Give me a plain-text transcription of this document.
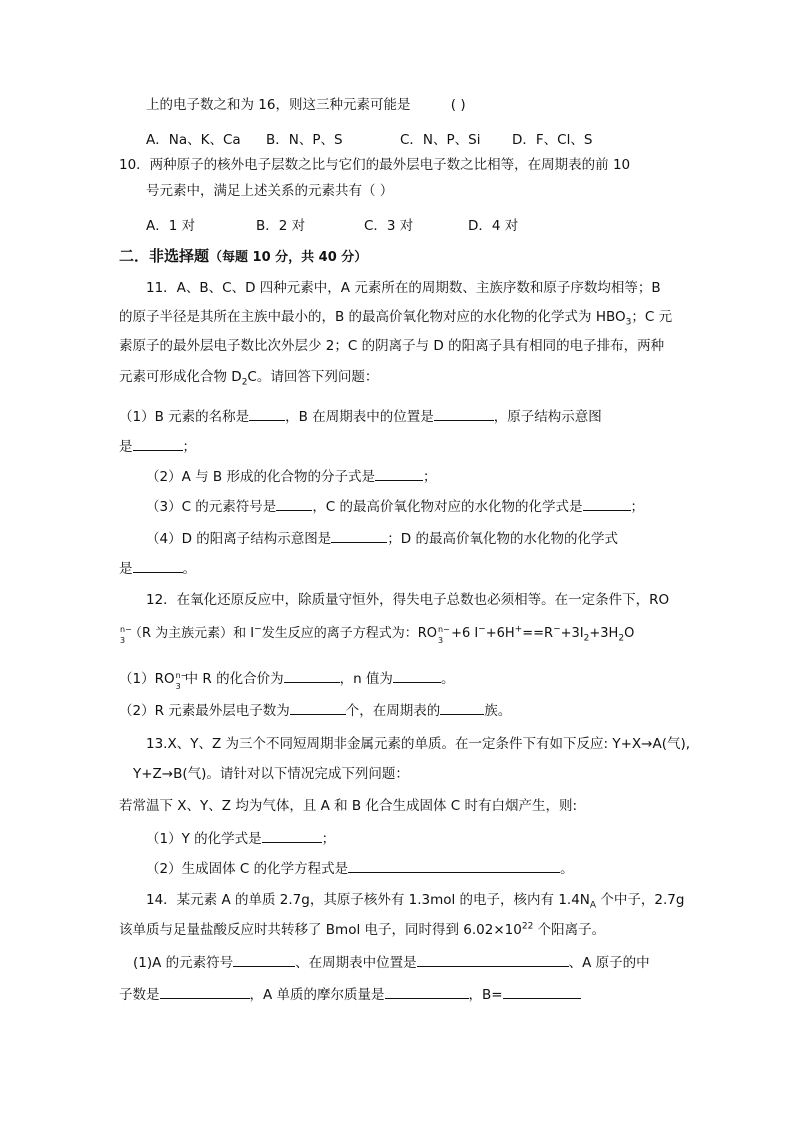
上的电子数之和为 16，则这三种元素可能是	( )
A．Na、K、Ca B．N、P、S	C．N、P、Si D．F、Cl、S
10．两种原子的核外电子层数之比与它们的最外层电子数之比相等，在周期表的前 10
号元素中，满足上述关系的元素共有（ ）
A．1 对	B．2 对	C．3 对	D．4 对
二．非选择题（每题 10 分，共 40 分）
11．A、B、C、D 四种元素中，A 元素所在的周期数、主族序数和原子序数均相等；B
的原子半径是其所在主族中最小的，B 的最高价氧化物对应的水化物的化学式为 $HBO_3$；C 元
素原子的最外层电子数比次外层少 2；C 的阴离子与 D 的阳离子具有相同的电子排布，两种
元素可形成化合物 $D_2C$。请回答下列问题：
（1）B 元素的名称是	，B 在周期表中的位置是	，原子结构示意图
是	；
（2）A 与 B 形成的化合物的分子式是	；
（3）C 的元素符号是	，C 的最高价氧化物对应的水化物的化学式是	；
（4）D 的阳离子结构示意图是	；D 的最高价氧化物的水化物的化学式
是	。
12．在氧化还原反应中，除质量守恒外，得失电子总数也必须相等。在一定条件下，RO
n−
3 （R 为主族元素）和 I−发生反应的离子方程式为：RO n−
3 +6 $I^-+6H^+==R^-+3I_2+3H_2O$
（1）RO n−
3 中 R 的化合价为	，n 值为	。
（2）R 元素最外层电子数为	个，在周期表的	族。
13.X、Y、Z 为三个不同短周期非金属元素的单质。在一定条件下有如下反应: Y+X→A(气),
Y+Z→B(气)。请针对以下情况完成下列问题：
若常温下 X、Y、Z 均为气体，且 A 和 B 化合生成固体 C 时有白烟产生，则:
（1）Y 的化学式是	；
（2）生成固体 C 的化学方程式是	。
14．某元素 A 的单质 2.7g，其原子核外有 1.3mol 的电子，核内有 $1.4N_A$ 个中子，2.7g
该单质与足量盐酸反应时共转移了 Bmol 电子，同时得到 $6.02\times 10^{22}$ 个阳离子。
(1)A 的元素符号	、在周期表中位置是	、A 原子的中
子数是	，A 单质的摩尔质量是	，B=
